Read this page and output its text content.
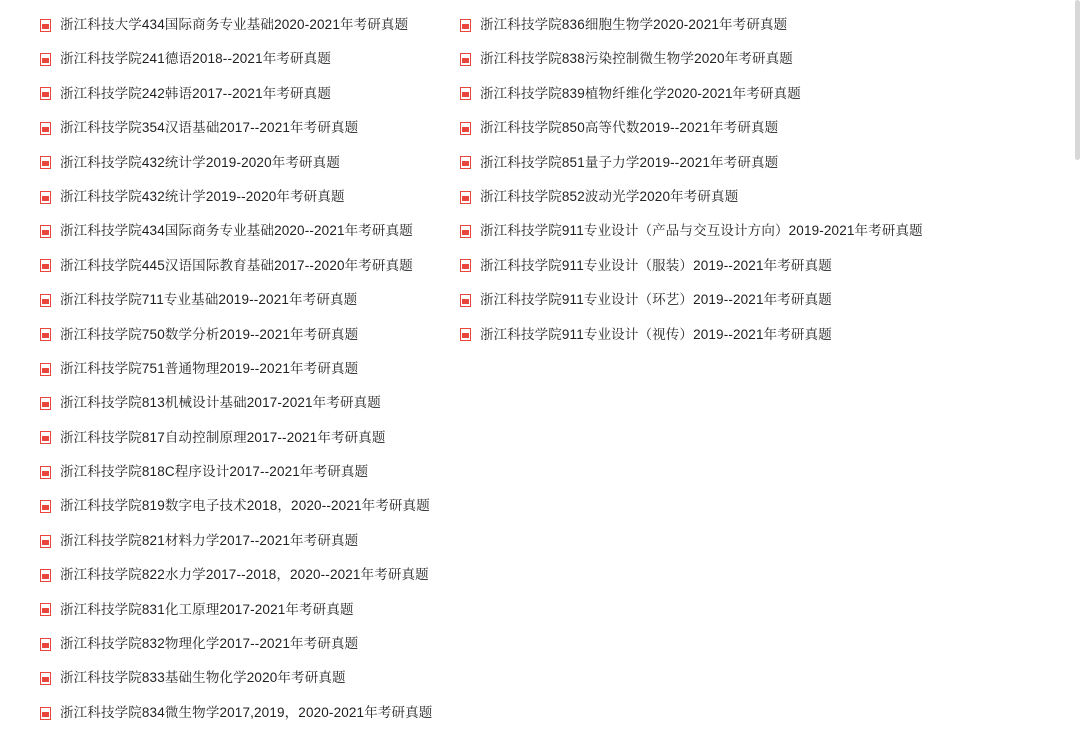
浙江科技大学434国际商务专业基础2020-2021年考研真题
浙江科技学院241德语2018--2021年考研真题
浙江科技学院242韩语2017--2021年考研真题
浙江科技学院354汉语基础2017--2021年考研真题
浙江科技学院432统计学2019-2020年考研真题
浙江科技学院432统计学2019--2020年考研真题
浙江科技学院434国际商务专业基础2020--2021年考研真题
浙江科技学院445汉语国际教育基础2017--2020年考研真题
浙江科技学院711专业基础2019--2021年考研真题
浙江科技学院750数学分析2019--2021年考研真题
浙江科技学院751普通物理2019--2021年考研真题
浙江科技学院813机械设计基础2017-2021年考研真题
浙江科技学院817自动控制原理2017--2021年考研真题
浙江科技学院818C程序设计2017--2021年考研真题
浙江科技学院819数字电子技术2018，2020--2021年考研真题
浙江科技学院821材料力学2017--2021年考研真题
浙江科技学院822水力学2017--2018，2020--2021年考研真题
浙江科技学院831化工原理2017-2021年考研真题
浙江科技学院832物理化学2017--2021年考研真题
浙江科技学院833基础生物化学2020年考研真题
浙江科技学院834微生物学2017,2019，2020-2021年考研真题
浙江科技学院836细胞生物学2020-2021年考研真题
浙江科技学院838污染控制微生物学2020年考研真题
浙江科技学院839植物纤维化学2020-2021年考研真题
浙江科技学院850高等代数2019--2021年考研真题
浙江科技学院851量子力学2019--2021年考研真题
浙江科技学院852波动光学2020年考研真题
浙江科技学院911专业设计（产品与交互设计方向）2019-2021年考研真题
浙江科技学院911专业设计（服装）2019--2021年考研真题
浙江科技学院911专业设计（环艺）2019--2021年考研真题
浙江科技学院911专业设计（视传）2019--2021年考研真题
